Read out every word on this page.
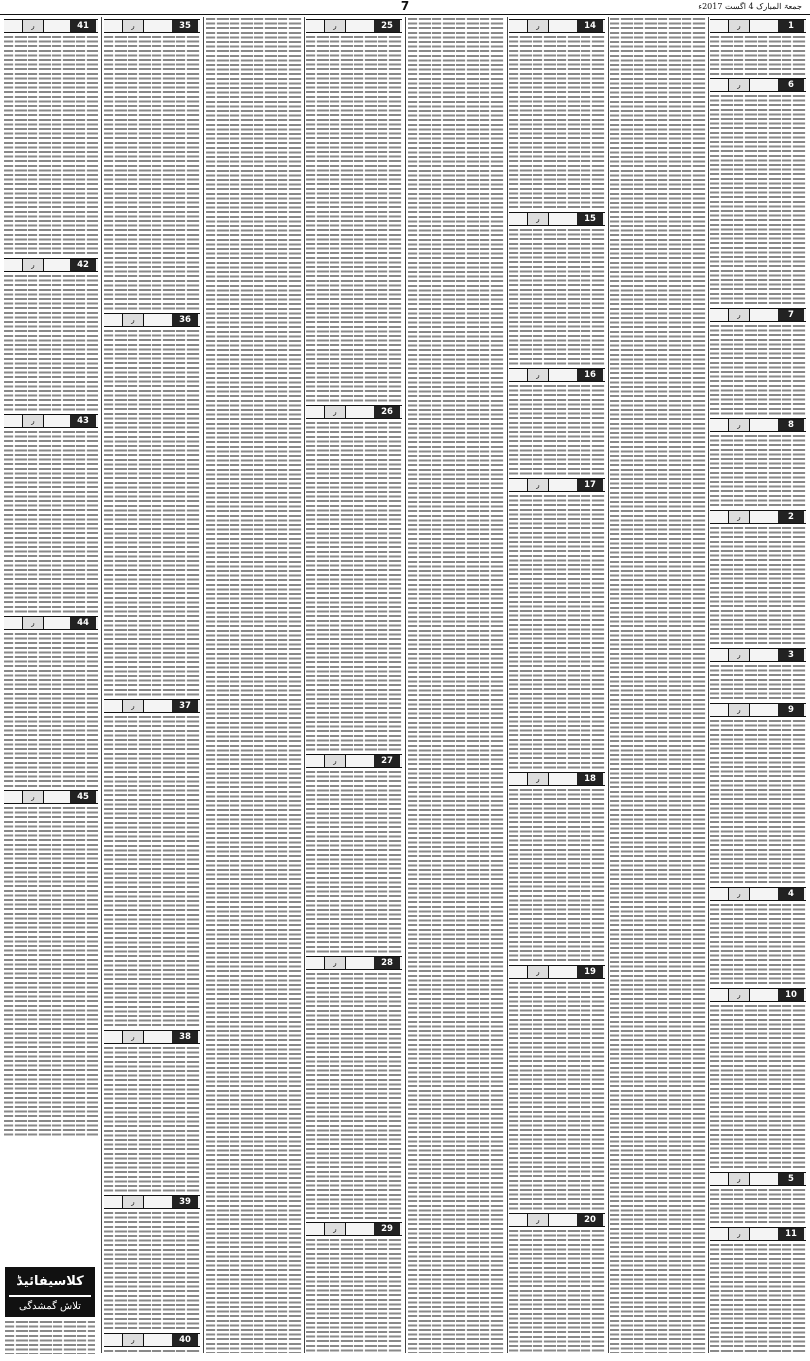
7	جمعۃ المبارک 4 اگست 2017ء
1
ر
6
ر
7
ر
8
ر
2
ر
3
ر
9
ر
4
ر
10
ر
5
ر
11
ر
14
ر
15
ر
16
ر
17
ر
18
ر
19
ر
20
ر
25
ر
26
ر
27
ر
28
ر
29
ر
35
ر
36
ر
37
ر
38
ر
39
ر
40
ر
41
ر
42
ر
43
ر
44
ر
45
ر
کلاسیفائیڈ
تلاش گمشدگی
